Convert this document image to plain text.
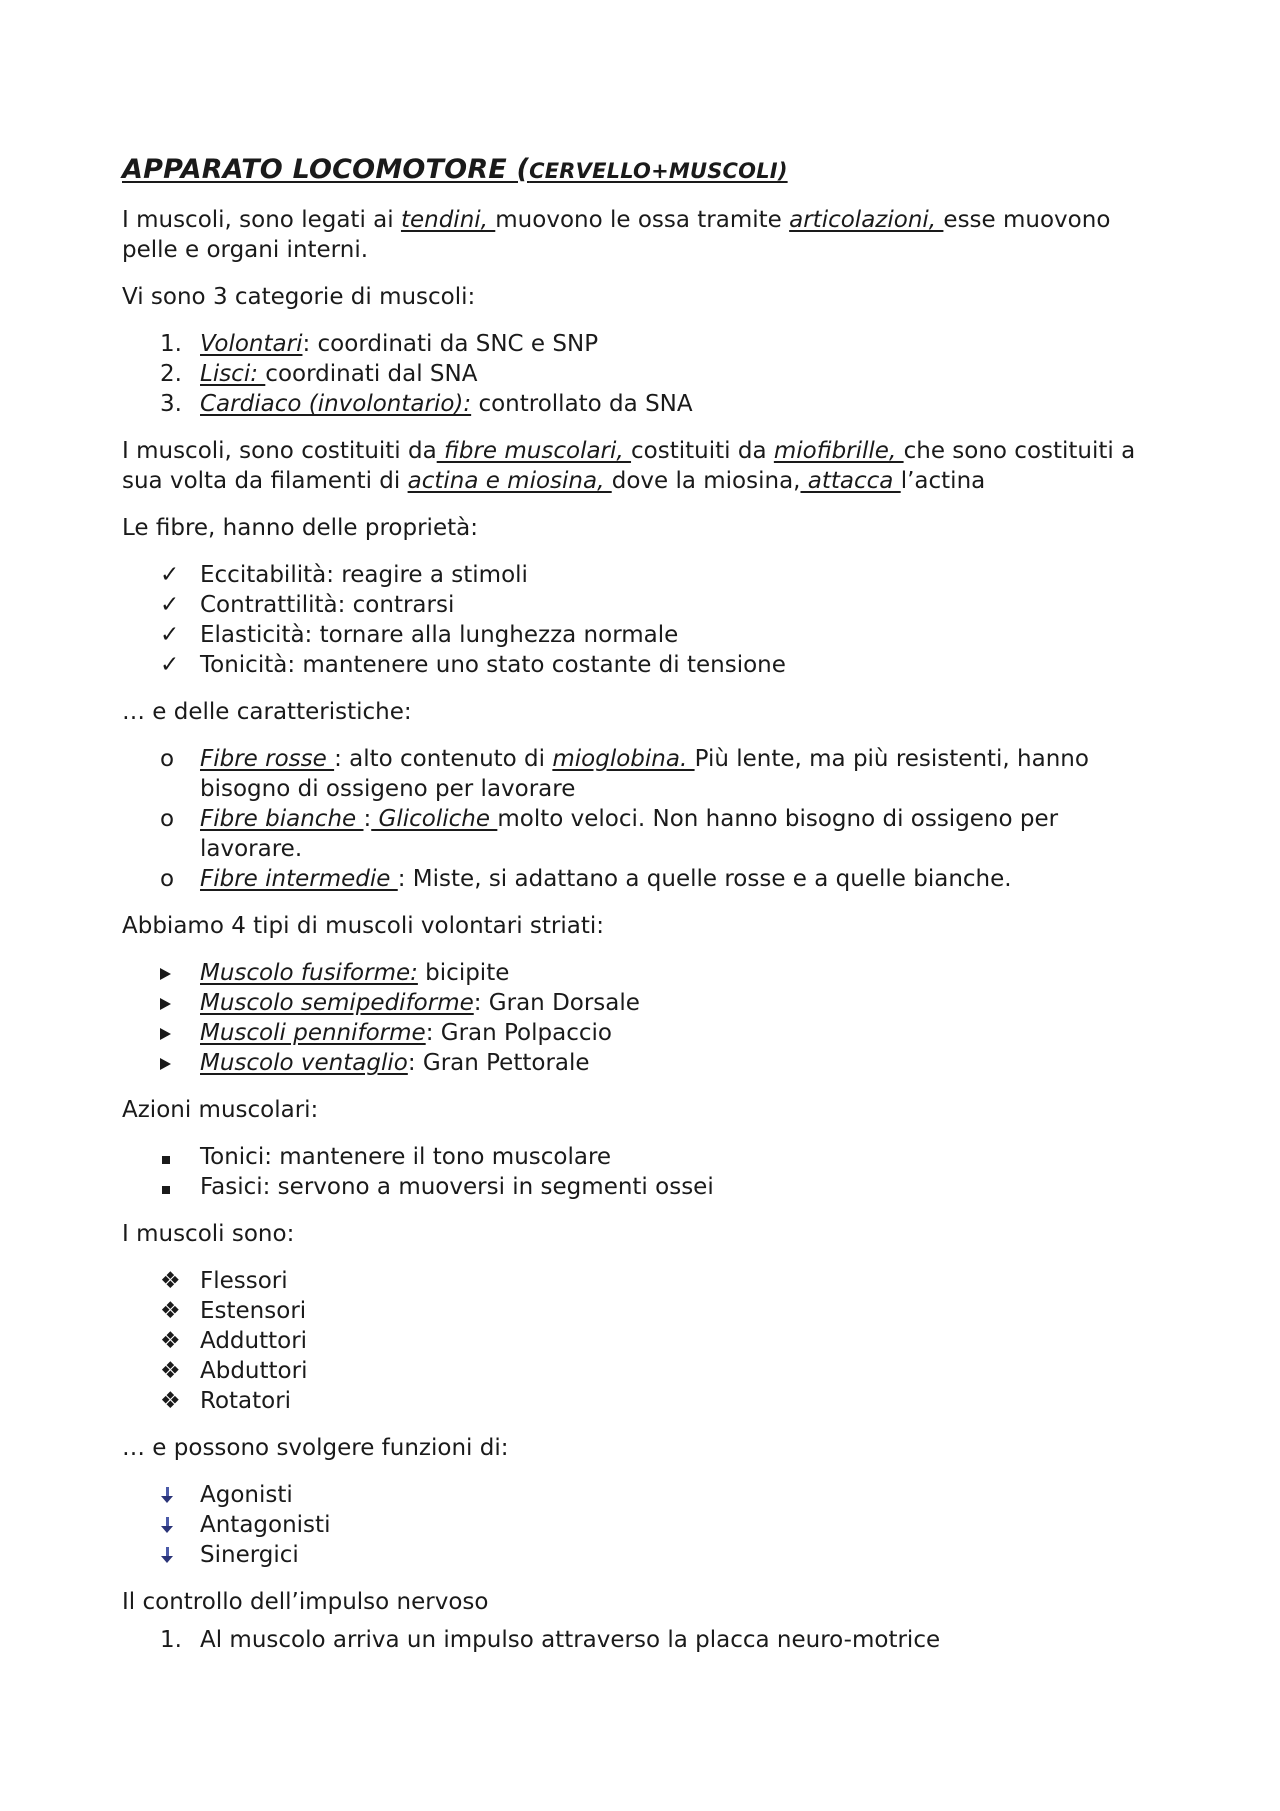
APPARATO LOCOMOTORE (CERVELLO+MUSCOLI)

I muscoli, sono legati ai tendini, muovono le ossa tramite articolazioni, esse muovono pelle e organi interni.

Vi sono 3 categorie di muscoli:

1. Volontari: coordinati da SNC e SNP
2. Lisci: coordinati dal SNA
3. Cardiaco (involontario): controllato da SNA

I muscoli, sono costituiti da fibre muscolari, costituiti da miofibrille, che sono costituiti a sua volta da filamenti di actina e miosina, dove la miosina, attacca l’actina

Le fibre, hanno delle proprietà:

✓ Eccitabilità: reagire a stimoli
✓ Contrattilità: contrarsi
✓ Elasticità: tornare alla lunghezza normale
✓ Tonicità: mantenere uno stato costante di tensione

… e delle caratteristiche:

o	Fibre rosse : alto contenuto di mioglobina. Più lente, ma più resistenti, hanno bisogno di ossigeno per lavorare
o	Fibre bianche : Glicoliche molto veloci. Non hanno bisogno di ossigeno per lavorare.
o	Fibre intermedie : Miste, si adattano a quelle rosse e a quelle bianche.

Abbiamo 4 tipi di muscoli volontari striati:

Muscolo fusiforme: bicipite
Muscolo semipediforme: Gran Dorsale
Muscoli penniforme: Gran Polpaccio
Muscolo ventaglio: Gran Pettorale

Azioni muscolari:

Tonici: mantenere il tono muscolare
Fasici: servono a muoversi in segmenti ossei

I muscoli sono:

❖ Flessori
❖ Estensori
❖ Adduttori
❖ Abduttori
❖ Rotatori

… e possono svolgere funzioni di:

Agonisti
Antagonisti
Sinergici

Il controllo dell’impulso nervoso

1. Al muscolo arriva un impulso attraverso la placca neuro-motrice
